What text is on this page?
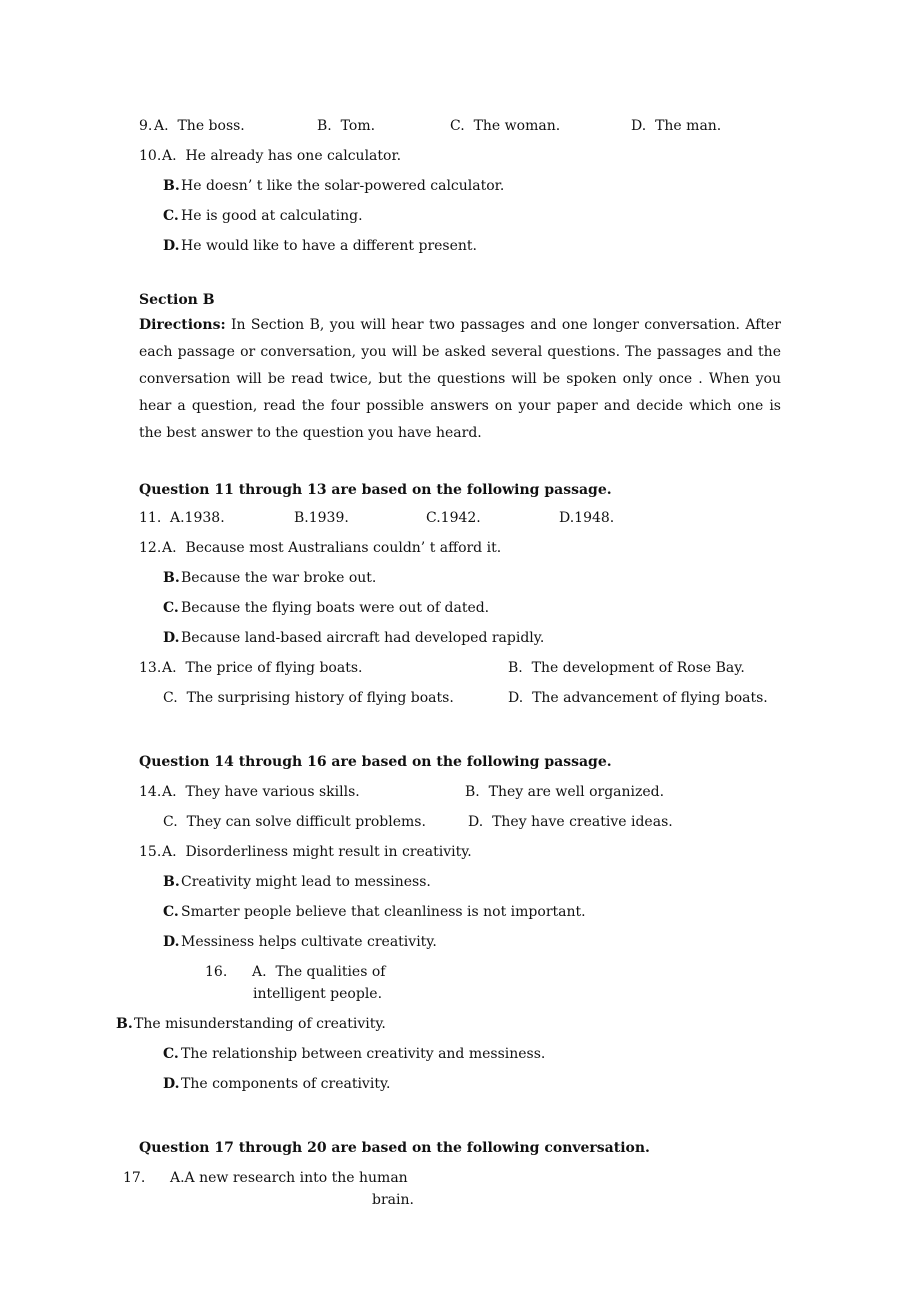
9. A.  The boss.	B.  Tom.	C.  The woman.	D.  The man.
10. A.  He already has one calculator.
B. He doesn’ t like the solar-powered calculator.
C. He is good at calculating.
D. He would like to have a different present.
Section B
Directions: In Section B, you will hear two passages and one longer conversation. After each passage or conversation, you will be asked several questions. The passages and the conversation will be read twice, but the questions will be spoken only once . When you hear a question, read the four possible answers on your paper and decide which one is the best answer to the question you have heard.
Question 11 through 13 are based on the following passage.
11. A.1938.	B.1939.	C.1942.	D.1948.
12. A.  Because most Australians couldn’ t afford it.
B. Because the war broke out.
C. Because the flying boats were out of dated.
D. Because land-based aircraft had developed rapidly.
13. A.  The price of flying boats.	B.  The development of Rose Bay.
C.  The surprising history of flying boats.	D.  The advancement of flying boats.
Question 14 through 16 are based on the following passage.
14. A.  They have various skills.	B.  They are well organized.
C.  They can solve difficult problems.	D.  They have creative ideas.
15. A.  Disorderliness might result in creativity.
B. Creativity might lead to messiness.
C. Smarter people believe that cleanliness is not important.
D. Messiness helps cultivate creativity.
16. A.  The qualities of
intelligent people.
B. The misunderstanding of creativity.
C. The relationship between creativity and messiness.
D. The components of creativity.
Question 17 through 20 are based on the following conversation.
17. A.A new research into the human
brain.
